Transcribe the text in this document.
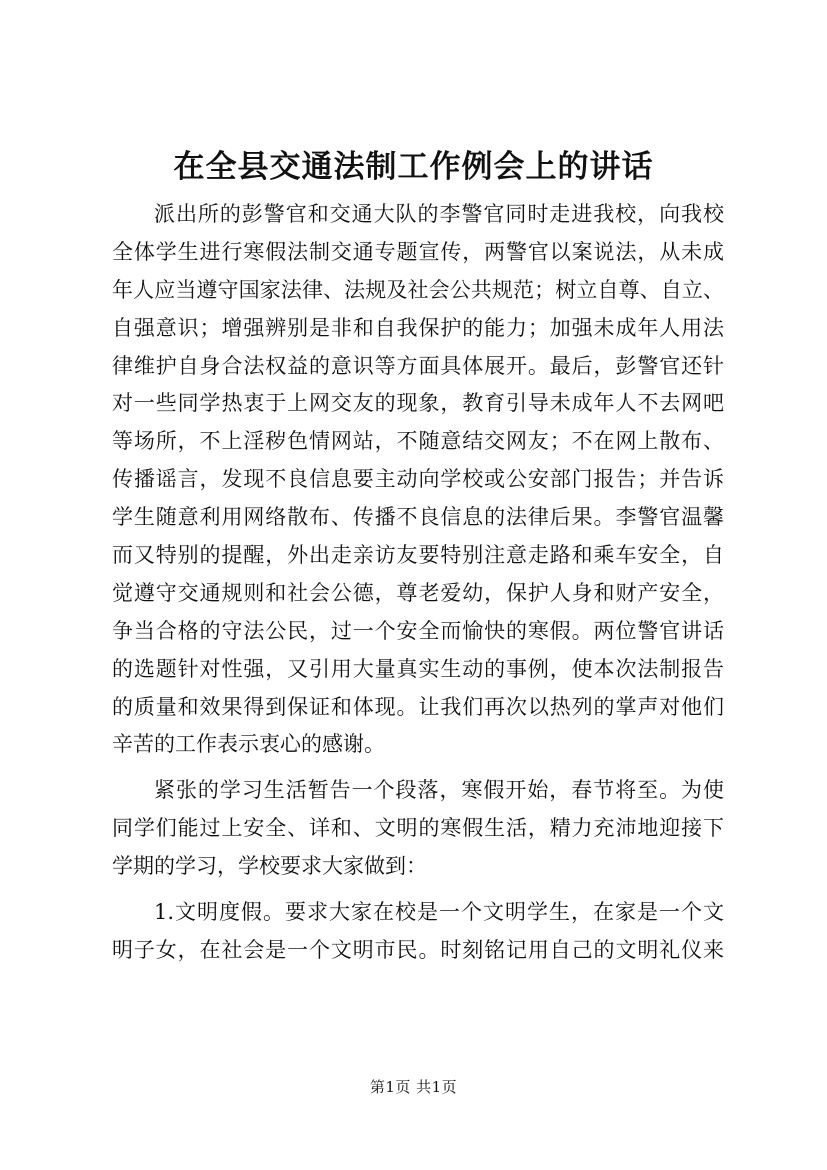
在全县交通法制工作例会上的讲话
派出所的彭警官和交通大队的李警官同时走进我校，向我校
全体学生进行寒假法制交通专题宣传，两警官以案说法，从未成
年人应当遵守国家法律、法规及社会公共规范；树立自尊、自立、
自强意识；增强辨别是非和自我保护的能力；加强未成年人用法
律维护自身合法权益的意识等方面具体展开。最后，彭警官还针
对一些同学热衷于上网交友的现象，教育引导未成年人不去网吧
等场所，不上淫秽色情网站，不随意结交网友；不在网上散布、
传播谣言，发现不良信息要主动向学校或公安部门报告；并告诉
学生随意利用网络散布、传播不良信息的法律后果。李警官温馨
而又特别的提醒，外出走亲访友要特别注意走路和乘车安全，自
觉遵守交通规则和社会公德，尊老爱幼，保护人身和财产安全，
争当合格的守法公民，过一个安全而愉快的寒假。两位警官讲话
的选题针对性强，又引用大量真实生动的事例，使本次法制报告
的质量和效果得到保证和体现。让我们再次以热列的掌声对他们
辛苦的工作表示衷心的感谢。
紧张的学习生活暂告一个段落，寒假开始，春节将至。为使
同学们能过上安全、详和、文明的寒假生活，精力充沛地迎接下
学期的学习，学校要求大家做到：
1.文明度假。要求大家在校是一个文明学生，在家是一个文
明子女，在社会是一个文明市民。时刻铭记用自己的文明礼仪来
第1页 共1页
